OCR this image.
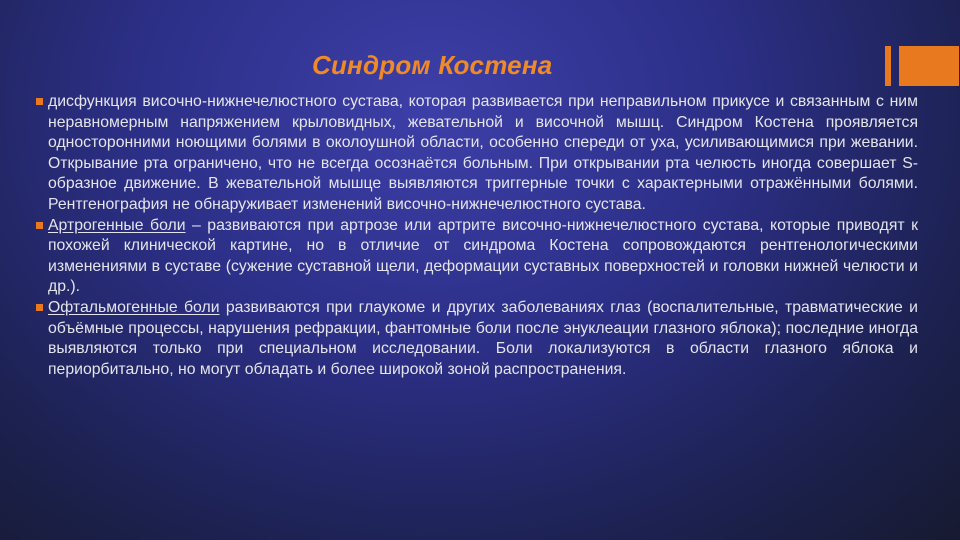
Синдром Костена
дисфункция височно-нижнечелюстного сустава, которая развивается при неправильном прикусе и связанным с ним неравномерным напряжением крыловидных, жевательной и височной мышц. Синдром Костена проявляется односторонними ноющими болями в околоушной области, особенно спереди от уха, усиливающимися при жевании. Открывание рта ограничено, что не всегда осознаётся больным. При открывании рта челюсть иногда совершает S-образное движение. В жевательной мышце выявляются триггерные точки с характерными отражёнными болями. Рентгенография не обнаруживает изменений височно-нижнечелюстного сустава.
Артрогенные боли – развиваются при артрозе или артрите височно-нижнечелюстного сустава, которые приводят к похожей клинической картине, но в отличие от синдрома Костена сопровождаются рентгенологическими изменениями в суставе (сужение суставной щели, деформации суставных поверхностей и головки нижней челюсти и др.).
Офтальмогенные боли развиваются при глаукоме и других заболеваниях глаз (воспалительные, травматические и объёмные процессы, нарушения рефракции, фантомные боли после энуклеации глазного яблока); последние иногда выявляются только при специальном исследовании. Боли локализуются в области глазного яблока и периорбитально, но могут обладать и более широкой зоной распространения.
